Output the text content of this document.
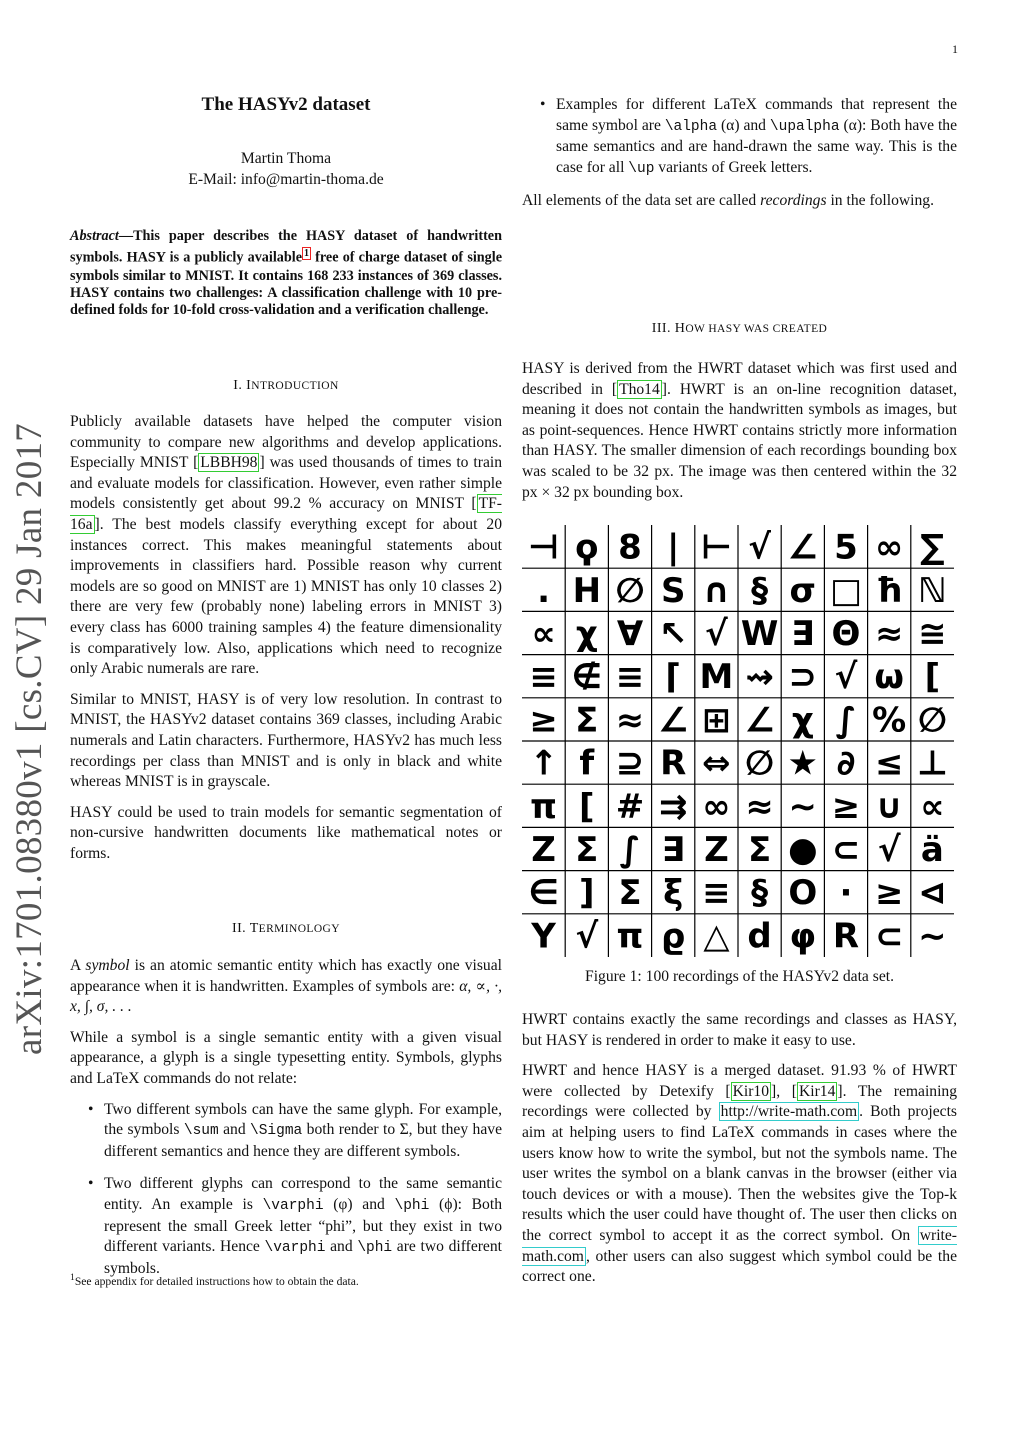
1
arXiv:1701.08380v1 [cs.CV] 29 Jan 2017
The HASYv2 dataset
Martin Thoma
E-Mail: info@martin-thoma.de
Abstract—This paper describes the HASY dataset of handwritten symbols. HASY is a publicly available $^1$ free of charge dataset of single symbols similar to MNIST. It contains 168 233 instances of 369 classes. HASY contains two challenges: A classification challenge with 10 pre-defined folds for 10-fold cross-validation and a verification challenge.
I. INTRODUCTION

Publicly available datasets have helped the computer vision community to compare new algorithms and develop applications. Especially MNIST [ LBBH98 ] was used thousands of times to train and evaluate models for classification. However, even rather simple models consistently get about 99.2 % accuracy on MNIST [ TF-16a ]. The best models classify everything except for about 20 instances correct. This makes meaningful statements about improvements in classifiers hard. Possible reason why current models are so good on MNIST are 1) MNIST has only 10 classes 2) there are very few (probably none) labeling errors in MNIST 3) every class has 6000 training samples 4) the feature dimensionality is comparatively low. Also, applications which need to recognize only Arabic numerals are rare.

Similar to MNIST, HASY is of very low resolution. In contrast to MNIST, the HASYv2 dataset contains 369 classes, including Arabic numerals and Latin characters. Furthermore, HASYv2 has much less recordings per class than MNIST and is only in black and white whereas MNIST is in grayscale.

HASY could be used to train models for semantic segmentation of non-cursive handwritten documents like mathematical notes or forms.

II. TERMINOLOGY

A symbol is an atomic semantic entity which has exactly one visual appearance when it is handwritten. Examples of symbols are: α, ∝, ·, x, ∫, σ, . . .

While a symbol is a single semantic entity with a given visual appearance, a glyph is a single typesetting entity. Symbols, glyphs and LaTeX commands do not relate:

• Two different symbols can have the same glyph. For example, the symbols \sum and \Sigma both render to Σ, but they have different semantics and hence they are different symbols.
• Two different glyphs can correspond to the same semantic entity. An example is \varphi (φ) and \phi (ϕ): Both represent the small Greek letter “phi”, but they exist in two different variants. Hence \varphi and \phi are two different symbols.
$^1$See appendix for detailed instructions how to obtain the data.
• Examples for different LaTeX commands that represent the same symbol are \alpha (α) and \upalpha (α): Both have the same semantics and are hand-drawn the same way. This is the case for all \up variants of Greek letters.

All elements of the data set are called recordings in the following.

III. HOW HASY WAS CREATED

HASY is derived from the HWRT dataset which was first used and described in [ Tho14 ]. HWRT is an on-line recognition dataset, meaning it does not contain the handwritten symbols as images, but as point-sequences. Hence HWRT contains strictly more information than HASY. The smaller dimension of each recordings bounding box was scaled to be 32 px. The image was then centered within the 32 px × 32 px bounding box.

⊣ ϙ 8 | ⊢ √ ∠ 5 ∞ ∑
. H ∅ S ∩ § σ □ ħ ℕ
∝ χ ∀ ↖ √ W ∃ Θ ≈ ≅
≡ ∉ ≡ ⌈ M ⇝ ⊃ √ ω [
≥ Σ ≈ ∠ ⊞ ∠ χ ∫ % ∅
↑ f ⊇ R ⇔ ∅ ★ ∂ ≤ ⊥
π [ # ⇉ ∞ ≈ ∼ ≥ ∪ ∝
Z Σ ∫ ∃ Z Σ ● ⊂ √ ä
∈ ] Σ ξ ≡ § O · ≥ ⊲
Y √ π ϱ △ d φ R ⊂ ∼
Figure 1: 100 recordings of the HASYv2 data set.

HWRT contains exactly the same recordings and classes as HASY, but HASY is rendered in order to make it easy to use.

HWRT and hence HASY is a merged dataset. 91.93 % of HWRT were collected by Detexify [ Kir10 ], [ Kir14 ]. The remaining recordings were collected by http://write-math.com . Both projects aim at helping users to find LaTeX commands in cases where the users know how to write the symbol, but not the symbols name. The user writes the symbol on a blank canvas in the browser (either via touch devices or with a mouse). Then the websites give the Top-k results which the user could have thought of. The user then clicks on the correct symbol to accept it as the correct symbol. On write-math.com , other users can also suggest which symbol could be the correct one.
